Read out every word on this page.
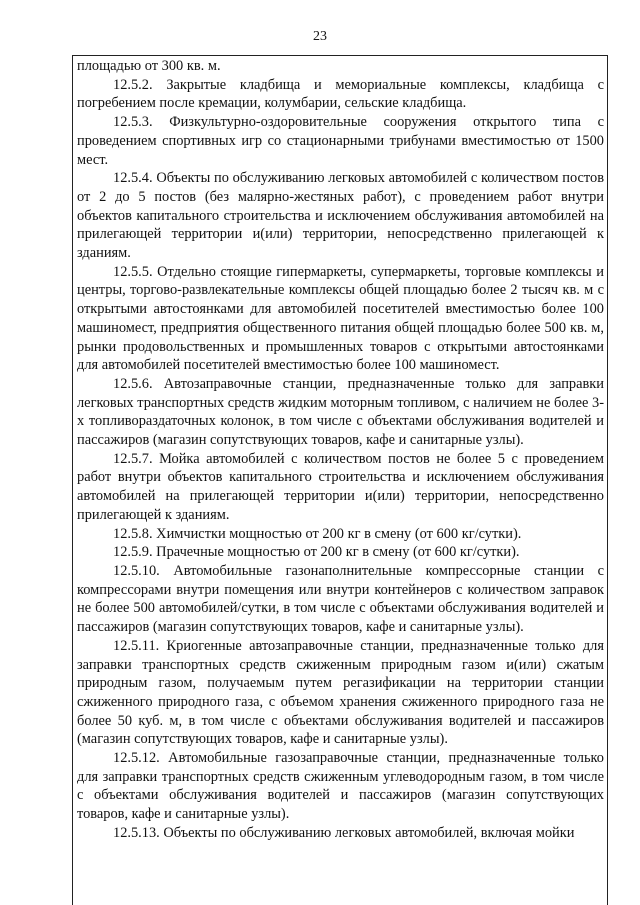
23

площадью от 300 кв. м.

12.5.2. Закрытые кладбища и мемориальные комплексы, кладбища с погребением после кремации, колумбарии, сельские кладбища.

12.5.3. Физкультурно-оздоровительные сооружения открытого типа с проведением спортивных игр со стационарными трибунами вместимостью от 1500 мест.

12.5.4. Объекты по обслуживанию легковых автомобилей с количеством постов от 2 до 5 постов (без малярно-жестяных работ), с проведением работ внутри объектов капитального строительства и исключением обслуживания автомобилей на прилегающей территории и(или) территории, непосредственно прилегающей к зданиям.

12.5.5. Отдельно стоящие гипермаркеты, супермаркеты, торговые комплексы и центры, торгово-развлекательные комплексы общей площадью более 2 тысяч кв. м с открытыми автостоянками для автомобилей посетителей вместимостью более 100 машиномест, предприятия общественного питания общей площадью более 500 кв. м, рынки продовольственных и промышленных товаров с открытыми автостоянками для автомобилей посетителей вместимостью более 100 машиномест.

12.5.6. Автозаправочные станции, предназначенные только для заправки легковых транспортных средств жидким моторным топливом, с наличием не более 3-х топливораздаточных колонок, в том числе с объектами обслуживания водителей и пассажиров (магазин сопутствующих товаров, кафе и санитарные узлы).

12.5.7. Мойка автомобилей с количеством постов не более 5 с проведением работ внутри объектов капитального строительства и исключением обслуживания автомобилей на прилегающей территории и(или) территории, непосредственно прилегающей к зданиям.

12.5.8. Химчистки мощностью от 200 кг в смену (от 600 кг/сутки).

12.5.9. Прачечные мощностью от 200 кг в смену (от 600 кг/сутки).

12.5.10. Автомобильные газонаполнительные компрессорные станции с компрессорами внутри помещения или внутри контейнеров с количеством заправок не более 500 автомобилей/сутки, в том числе с объектами обслуживания водителей и пассажиров (магазин сопутствующих товаров, кафе и санитарные узлы).

12.5.11. Криогенные автозаправочные станции, предназначенные только для заправки транспортных средств сжиженным природным газом и(или) сжатым природным газом, получаемым путем регазификации на территории станции сжиженного природного газа, с объемом хранения сжиженного природного газа не более 50 куб. м, в том числе с объектами обслуживания водителей и пассажиров (магазин сопутствующих товаров, кафе и санитарные узлы).

12.5.12. Автомобильные газозаправочные станции, предназначенные только для заправки транспортных средств сжиженным углеводородным газом, в том числе с объектами обслуживания водителей и пассажиров (магазин сопутствующих товаров, кафе и санитарные узлы).

12.5.13. Объекты по обслуживанию легковых автомобилей, включая мойки
